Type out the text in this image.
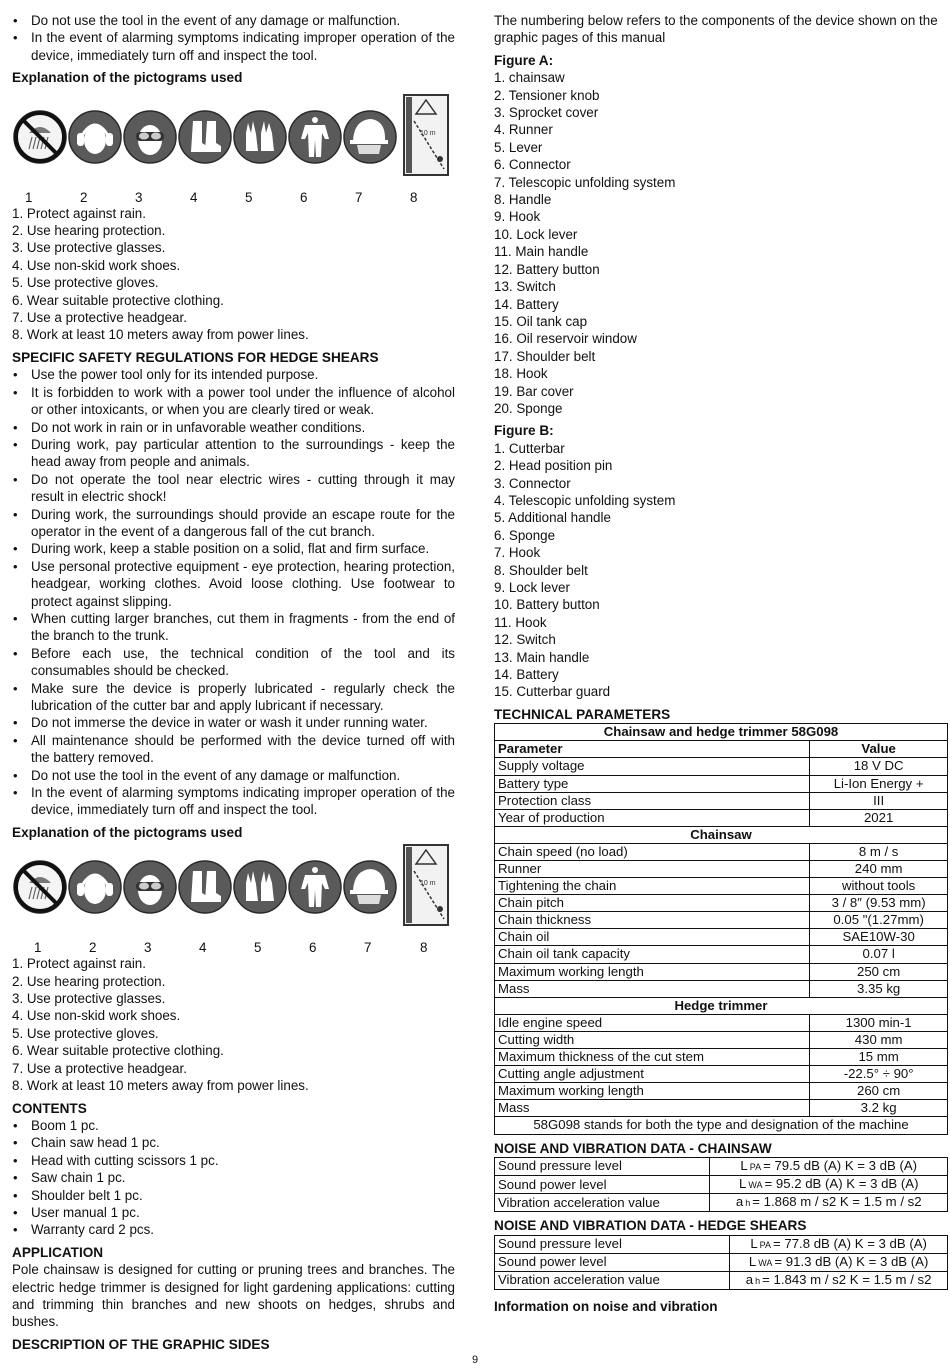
• Do not use the tool in the event of any damage or malfunction.
• In the event of alarming symptoms indicating improper operation of the device, immediately turn off and inspect the tool.
Explanation of the pictograms used
10 m
1	2	3	4	5	6	7	8
1. Protect against rain.
2. Use hearing protection.
3. Use protective glasses.
4. Use non-skid work shoes.
5. Use protective gloves.
6. Wear suitable protective clothing.
7. Use a protective headgear.
8. Work at least 10 meters away from power lines.
SPECIFIC SAFETY REGULATIONS FOR HEDGE SHEARS
• Use the power tool only for its intended purpose.
• It is forbidden to work with a power tool under the influence of alcohol or other intoxicants, or when you are clearly tired or weak.
• Do not work in rain or in unfavorable weather conditions.
• During work, pay particular attention to the surroundings - keep the head away from people and animals.
• Do not operate the tool near electric wires - cutting through it may result in electric shock!
• During work, the surroundings should provide an escape route for the operator in the event of a dangerous fall of the cut branch.
• During work, keep a stable position on a solid, flat and firm surface.
• Use personal protective equipment - eye protection, hearing protection, headgear, working clothes. Avoid loose clothing. Use footwear to protect against slipping.
• When cutting larger branches, cut them in fragments - from the end of the branch to the trunk.
• Before each use, the technical condition of the tool and its consumables should be checked.
• Make sure the device is properly lubricated - regularly check the lubrication of the cutter bar and apply lubricant if necessary.
• Do not immerse the device in water or wash it under running water.
• All maintenance should be performed with the device turned off with the battery removed.
• Do not use the tool in the event of any damage or malfunction.
• In the event of alarming symptoms indicating improper operation of the device, immediately turn off and inspect the tool.
Explanation of the pictograms used
10 m
1	2	3	4	5	6	7	8
1. Protect against rain.
2. Use hearing protection.
3. Use protective glasses.
4. Use non-skid work shoes.
5. Use protective gloves.
6. Wear suitable protective clothing.
7. Use a protective headgear.
8. Work at least 10 meters away from power lines.
CONTENTS
• Boom 1 pc.
• Chain saw head 1 pc.
• Head with cutting scissors 1 pc.
• Saw chain 1 pc.
• Shoulder belt 1 pc.
• User manual 1 pc.
• Warranty card 2 pcs.
APPLICATION

Pole chainsaw is designed for cutting or pruning trees and branches. The electric hedge trimmer is designed for light gardening applications: cutting and trimming thin branches and new shoots on hedges, shrubs and bushes.

DESCRIPTION OF THE GRAPHIC SIDES

The numbering below refers to the components of the device shown on the graphic pages of this manual

Figure A:
1. chainsaw
2. Tensioner knob
3. Sprocket cover
4. Runner
5. Lever
6. Connector
7. Telescopic unfolding system
8. Handle
9. Hook
10. Lock lever
11. Main handle
12. Battery button
13. Switch
14. Battery
15. Oil tank cap
16. Oil reservoir window
17. Shoulder belt
18. Hook
19. Bar cover
20. Sponge
Figure B:
1. Cutterbar
2. Head position pin
3. Connector
4. Telescopic unfolding system
5. Additional handle
6. Sponge
7. Hook
8. Shoulder belt
9. Lock lever
10. Battery button
11. Hook
12. Switch
13. Main handle
14. Battery
15. Cutterbar guard
TECHNICAL PARAMETERS
Chainsaw and hedge trimmer 58G098	
Parameter	Value
Supply voltage	18 V DC
Battery type	Li-Ion Energy +
Protection class	III
Year of production	2021
Chainsaw	
Chain speed (no load)	8 m / s
Runner	240 mm
Tightening the chain	without tools
Chain pitch	3 / 8″ (9.53 mm)
Chain thickness	0.05 "(1.27mm)
Chain oil	SAE10W-30
Chain oil tank capacity	0.07 l
Maximum working length	250 cm
Mass	3.35 kg
Hedge trimmer	
Idle engine speed	1300 min-1
Cutting width	430 mm
Maximum thickness of the cut stem	15 mm
Cutting angle adjustment	-22.5° ÷ 90°
Maximum working length	260 cm
Mass	3.2 kg
58G098 stands for both the type and designation of the machine	
NOISE AND VIBRATION DATA - CHAINSAW
Sound pressure level	L PA = 79.5 dB (A) K = 3 dB (A)
Sound power level	L WA = 95.2 dB (A) K = 3 dB (A)
Vibration acceleration value	a h = 1.868 m / s2 K = 1.5 m / s2
NOISE AND VIBRATION DATA - HEDGE SHEARS
Sound pressure level	L PA = 77.8 dB (A) K = 3 dB (A)
Sound power level	L WA = 91.3 dB (A) K = 3 dB (A)
Vibration acceleration value	a h = 1.843 m / s2 K = 1.5 m / s2
Information on noise and vibration
9
